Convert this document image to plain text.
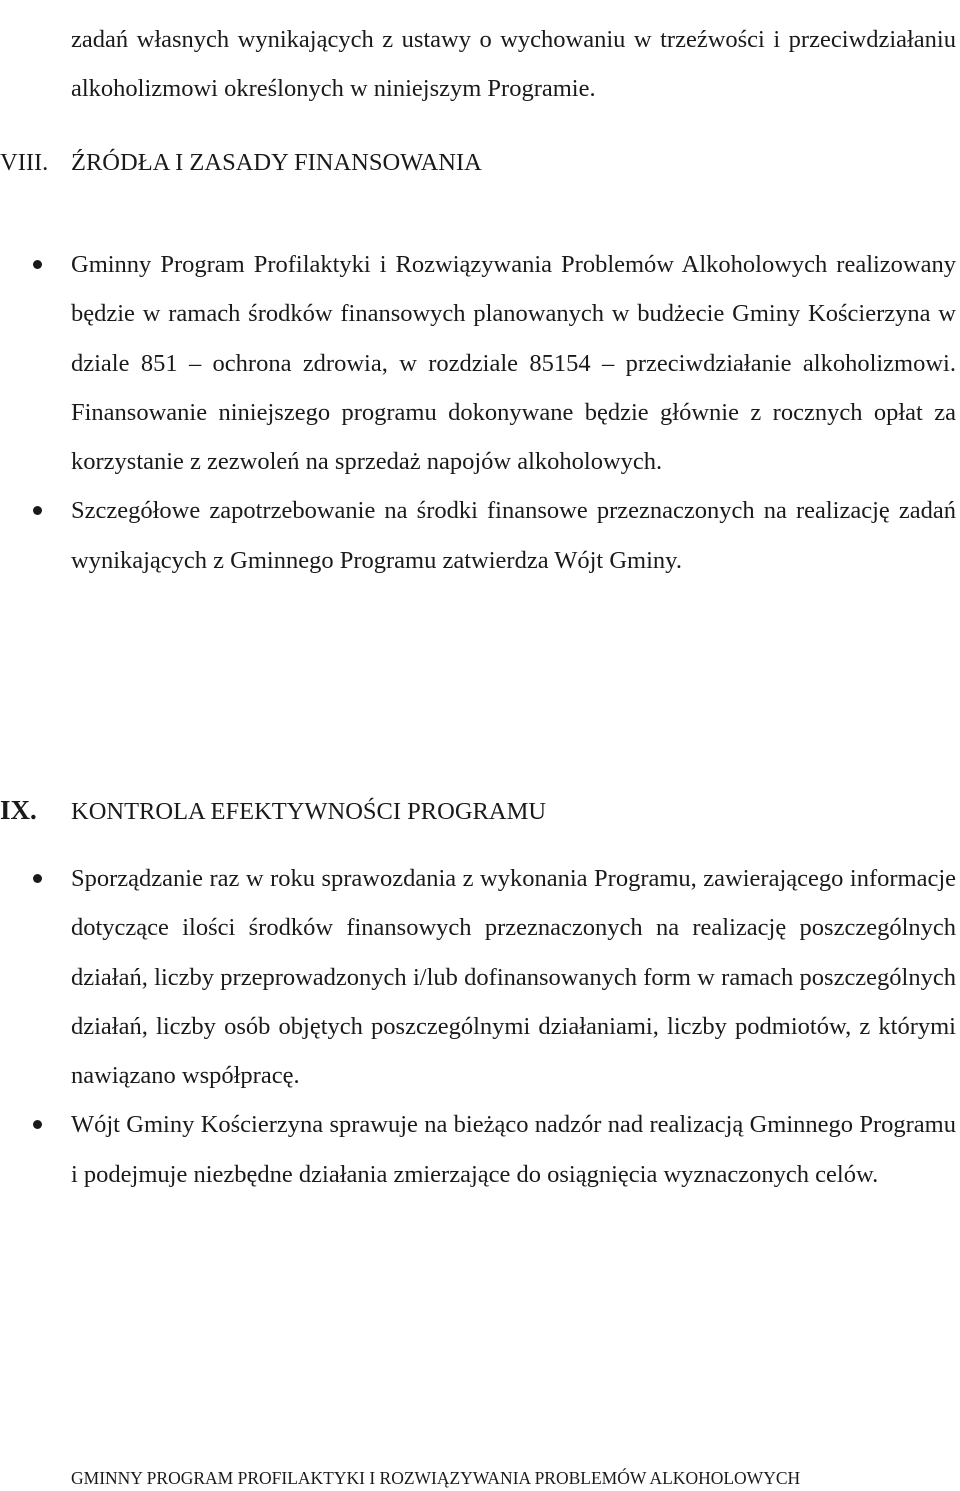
zadań własnych wynikających z ustawy o wychowaniu w trzeźwości i przeciwdziałaniu alkoholizmowi określonych w niniejszym Programie.

VIII. ŹRÓDŁA I ZASADY FINANSOWANIA
Gminny Program Profilaktyki i Rozwiązywania Problemów Alkoholowych realizowany będzie w ramach środków finansowych planowanych w budżecie Gminy Kościerzyna w dziale 851 – ochrona zdrowia, w rozdziale 85154 – przeciwdziałanie alkoholizmowi. Finansowanie niniejszego programu dokonywane będzie głównie z rocznych opłat za korzystanie z zezwoleń na sprzedaż napojów alkoholowych.
Szczegółowe zapotrzebowanie na środki finansowe przeznaczonych na realizację zadań wynikających z Gminnego Programu zatwierdza Wójt Gminy.
IX. KONTROLA EFEKTYWNOŚCI PROGRAMU
Sporządzanie raz w roku sprawozdania z wykonania Programu, zawierającego informacje dotyczące ilości środków finansowych przeznaczonych na realizację poszczególnych działań, liczby przeprowadzonych i/lub dofinansowanych form w ramach poszczególnych działań, liczby osób objętych poszczególnymi działaniami, liczby podmiotów, z którymi nawiązano współpracę.
Wójt Gminy Kościerzyna sprawuje na bieżąco nadzór nad realizacją Gminnego Programu i podejmuje niezbędne działania zmierzające do osiągnięcia wyznaczonych celów.
GMINNY PROGRAM PROFILAKTYKI I ROZWIĄZYWANIA PROBLEMÓW ALKOHOLOWYCH
